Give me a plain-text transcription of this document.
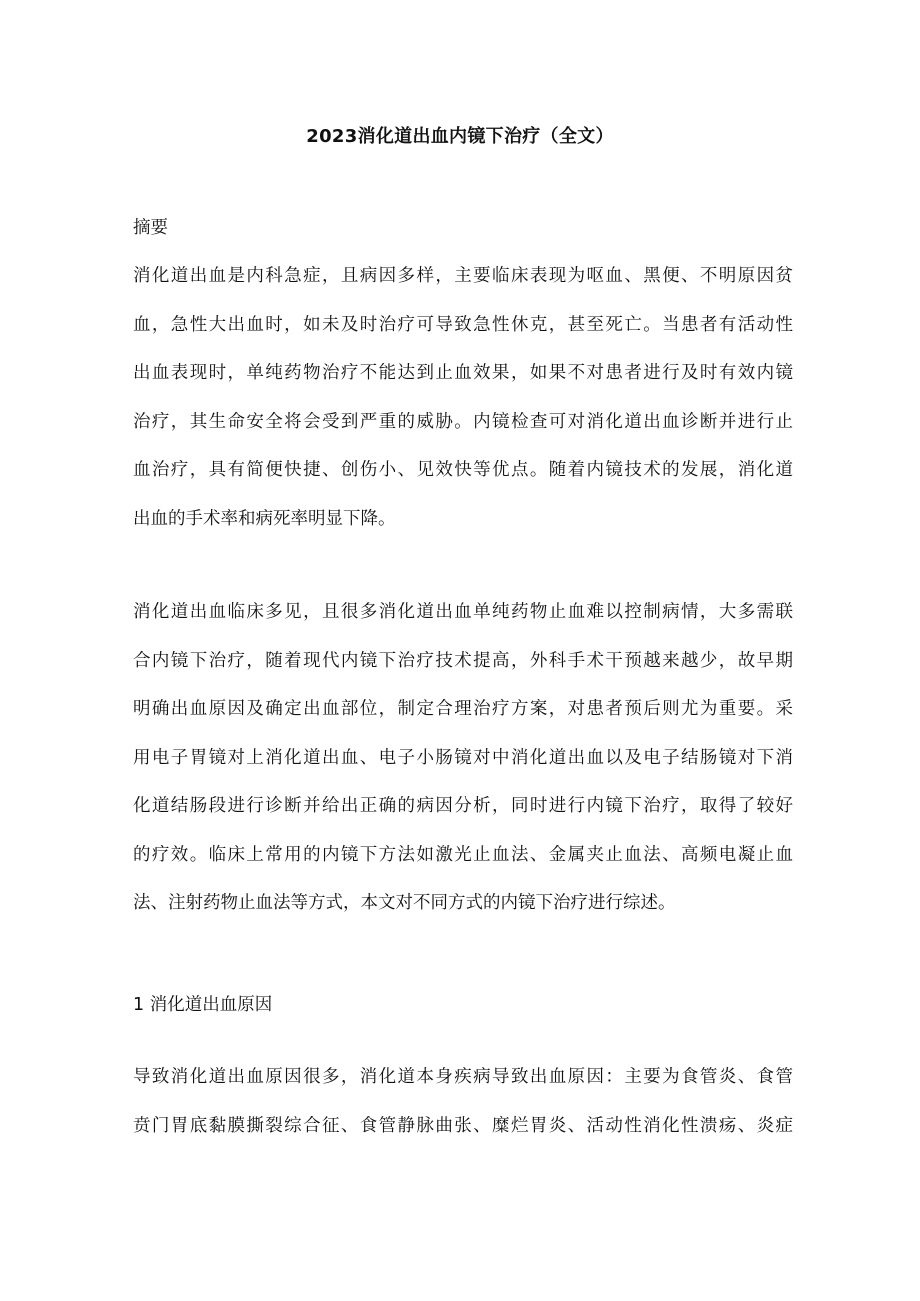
2023消化道出血内镜下治疗（全文）
摘要
消化道出血是内科急症，且病因多样，主要临床表现为呕血、黑便、不明原因贫
血，急性大出血时，如未及时治疗可导致急性休克，甚至死亡。当患者有活动性
出血表现时，单纯药物治疗不能达到止血效果，如果不对患者进行及时有效内镜
治疗，其生命安全将会受到严重的威胁。内镜检查可对消化道出血诊断并进行止
血治疗，具有简便快捷、创伤小、见效快等优点。随着内镜技术的发展，消化道
出血的手术率和病死率明显下降。
消化道出血临床多见，且很多消化道出血单纯药物止血难以控制病情，大多需联
合内镜下治疗，随着现代内镜下治疗技术提高，外科手术干预越来越少，故早期
明确出血原因及确定出血部位，制定合理治疗方案，对患者预后则尤为重要。采
用电子胃镜对上消化道出血、电子小肠镜对中消化道出血以及电子结肠镜对下消
化道结肠段进行诊断并给出正确的病因分析，同时进行内镜下治疗，取得了较好
的疗效。临床上常用的内镜下方法如激光止血法、金属夹止血法、高频电凝止血
法、注射药物止血法等方式，本文对不同方式的内镜下治疗进行综述。
1 消化道出血原因
导致消化道出血原因很多，消化道本身疾病导致出血原因：主要为食管炎、食管
贲门胃底黏膜撕裂综合征、食管静脉曲张、糜烂胃炎、活动性消化性溃疡、炎症
